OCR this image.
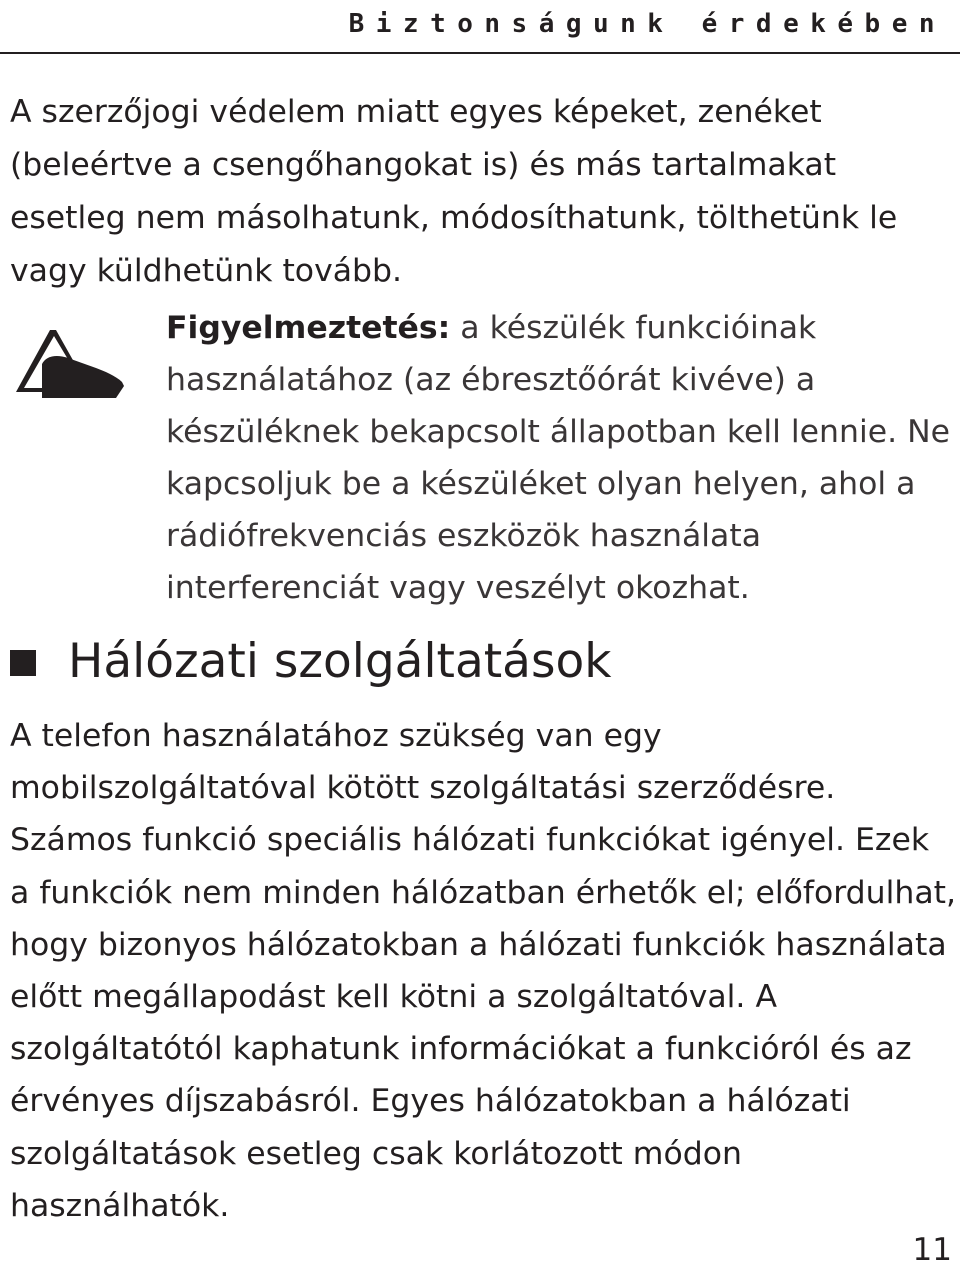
Biztonságunk érdekében

A szerzőjogi védelem miatt egyes képeket, zenéket (beleértve a csengőhangokat is) és más tartalmakat esetleg nem másolhatunk, módosíthatunk, tölthetünk le vagy küldhetünk tovább.

Figyelmeztetés: a készülék funkcióinak használatához (az ébresztőórát kivéve) a készüléknek bekapcsolt állapotban kell lennie. Ne kapcsoljuk be a készüléket olyan helyen, ahol a rádiófrekvenciás eszközök használata interferenciát vagy veszélyt okozhat.

Hálózati szolgáltatások

A telefon használatához szükség van egy mobilszolgáltatóval kötött szolgáltatási szerződésre. Számos funkció speciális hálózati funkciókat igényel. Ezek a funkciók nem minden hálózatban érhetők el; előfordulhat, hogy bizonyos hálózatokban a hálózati funkciók használata előtt megállapodást kell kötni a szolgáltatóval. A szolgáltatótól kaphatunk információkat a funkcióról és az érvényes díjszabásról. Egyes hálózatokban a hálózati szolgáltatások esetleg csak korlátozott módon használhatók.

11
